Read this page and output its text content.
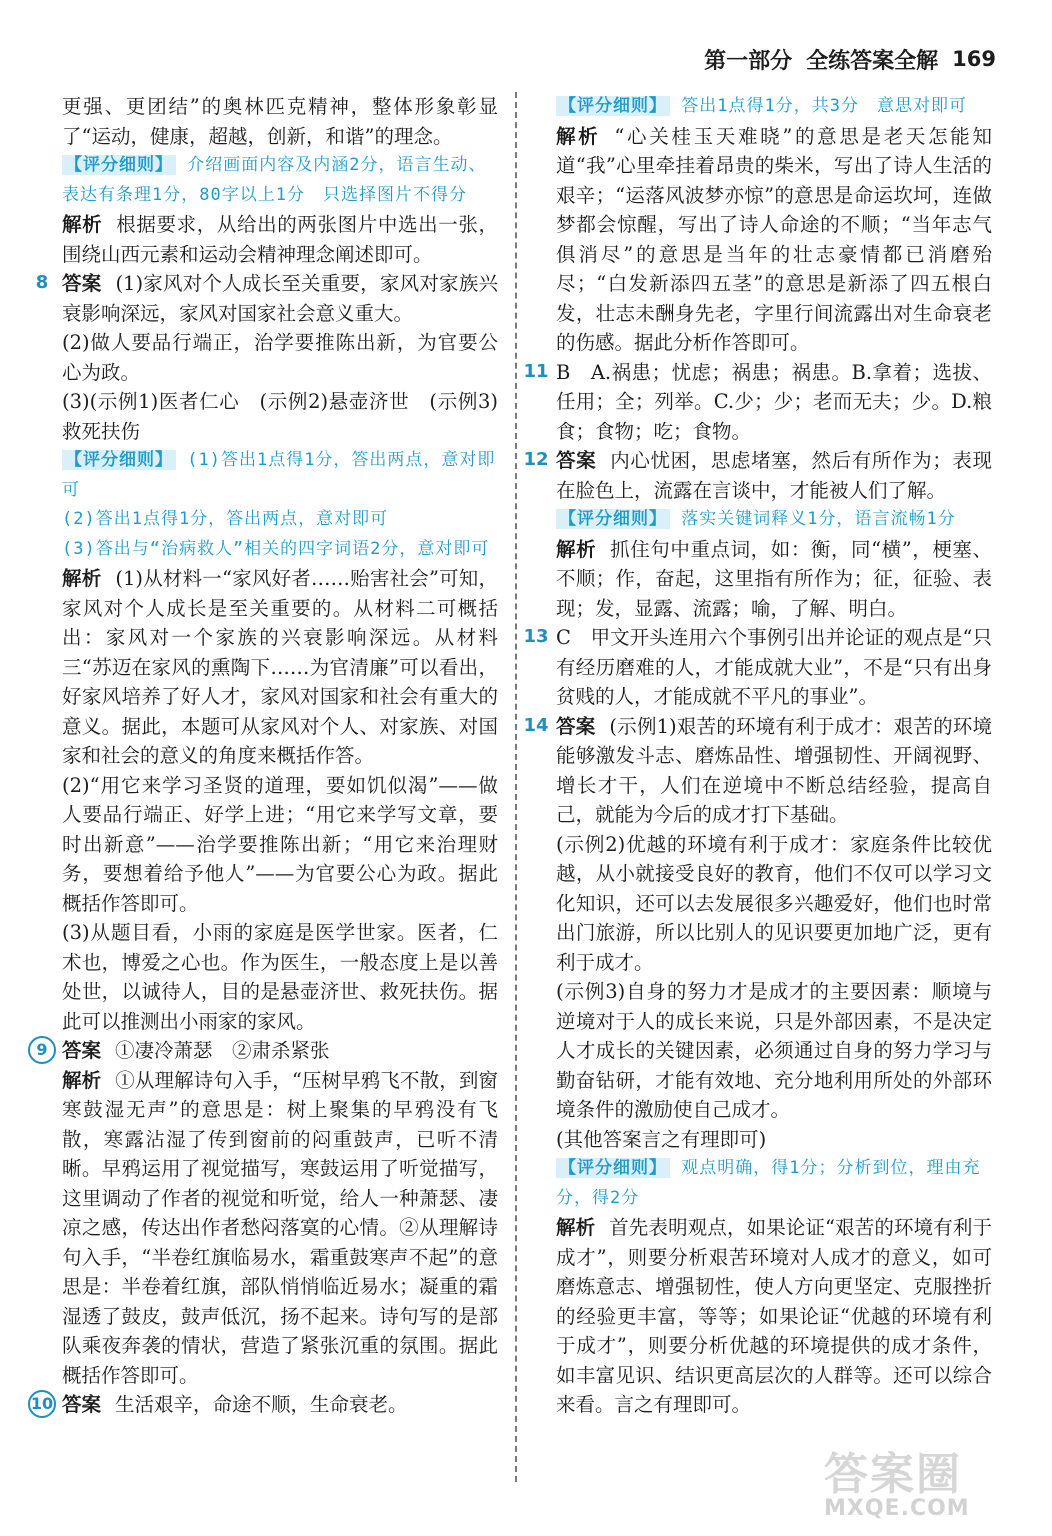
第一部分 全练答案全解 169

更强、更团结”的奥林匹克精神，整体形象彰显了“运动，健康，超越，创新，和谐”的理念。

【评分细则】 介绍画面内容及内涵2分，语言生动、表达有条理1分，80字以上1分　只选择图片不得分

解析 根据要求，从给出的两张图片中选出一张，围绕山西元素和运动会精神理念阐述即可。

8 答案 (1)家风对个人成长至关重要，家风对家族兴衰影响深远，家风对国家社会意义重大。

(2)做人要品行端正，治学要推陈出新，为官要公心为政。

(3)(示例1)医者仁心　(示例2)悬壶济世　(示例3)救死扶伤

【评分细则】 (1)答出1点得1分，答出两点，意对即可

(2)答出1点得1分，答出两点，意对即可

(3)答出与“治病救人”相关的四字词语2分，意对即可

解析 (1)从材料一“家风好者……贻害社会”可知，家风对个人成长是至关重要的。从材料二可概括出：家风对一个家族的兴衰影响深远。从材料三“苏迈在家风的熏陶下……为官清廉”可以看出，好家风培养了好人才，家风对国家和社会有重大的意义。据此，本题可从家风对个人、对家族、对国家和社会的意义的角度来概括作答。

(2)“用它来学习圣贤的道理，要如饥似渴”——做人要品行端正、好学上进；“用它来学写文章，要时出新意”——治学要推陈出新；“用它来治理财务，要想着给予他人”——为官要公心为政。据此概括作答即可。

(3)从题目看，小雨的家庭是医学世家。医者，仁术也，博爱之心也。作为医生，一般态度上是以善处世，以诚待人，目的是悬壶济世、救死扶伤。据此可以推测出小雨家的家风。

9 答案 ①凄冷萧瑟　②肃杀紧张

解析 ①从理解诗句入手，“压树早鸦飞不散，到窗寒鼓湿无声”的意思是：树上聚集的早鸦没有飞散，寒露沾湿了传到窗前的闷重鼓声，已听不清晰。早鸦运用了视觉描写，寒鼓运用了听觉描写，这里调动了作者的视觉和听觉，给人一种萧瑟、凄凉之感，传达出作者愁闷落寞的心情。②从理解诗句入手，“半卷红旗临易水，霜重鼓寒声不起”的意思是：半卷着红旗，部队悄悄临近易水；凝重的霜湿透了鼓皮，鼓声低沉，扬不起来。诗句写的是部队乘夜奔袭的情状，营造了紧张沉重的氛围。据此概括作答即可。

10 答案 生活艰辛，命途不顺，生命衰老。

【评分细则】 答出1点得1分，共3分　意思对即可

解析 “心关桂玉天难晓”的意思是老天怎能知道“我”心里牵挂着昂贵的柴米，写出了诗人生活的艰辛；“运落风波梦亦惊”的意思是命运坎坷，连做梦都会惊醒，写出了诗人命途的不顺；“当年志气俱消尽”的意思是当年的壮志豪情都已消磨殆尽；“白发新添四五茎”的意思是新添了四五根白发，壮志未酬身先老，字里行间流露出对生命衰老的伤感。据此分析作答即可。

11 B　A.祸患；忧虑；祸患；祸患。B.拿着；选拔、任用；全；列举。C.少；少；老而无夫；少。D.粮食；食物；吃；食物。

12 答案 内心忧困，思虑堵塞，然后有所作为；表现在脸色上，流露在言谈中，才能被人们了解。

【评分细则】 落实关键词释义1分，语言流畅1分

解析 抓住句中重点词，如：衡，同“横”，梗塞、不顺；作，奋起，这里指有所作为；征，征验、表现；发，显露、流露；喻，了解、明白。

13 C　甲文开头连用六个事例引出并论证的观点是“只有经历磨难的人，才能成就大业”，不是“只有出身贫贱的人，才能成就不平凡的事业”。

14 答案 (示例1)艰苦的环境有利于成才：艰苦的环境能够激发斗志、磨炼品性、增强韧性、开阔视野、增长才干，人们在逆境中不断总结经验，提高自己，就能为今后的成才打下基础。

(示例2)优越的环境有利于成才：家庭条件比较优越，从小就接受良好的教育，他们不仅可以学习文化知识，还可以去发展很多兴趣爱好，他们也时常出门旅游，所以比别人的见识要更加地广泛，更有利于成才。

(示例3)自身的努力才是成才的主要因素：顺境与逆境对于人的成长来说，只是外部因素，不是决定人才成长的关键因素，必须通过自身的努力学习与勤奋钻研，才能有效地、充分地利用所处的外部环境条件的激励使自己成才。

(其他答案言之有理即可)

【评分细则】 观点明确，得1分；分析到位，理由充分，得2分

解析 首先表明观点，如果论证“艰苦的环境有利于成才”，则要分析艰苦环境对人成才的意义，如可磨炼意志、增强韧性，使人方向更坚定、克服挫折的经验更丰富，等等；如果论证“优越的环境有利于成才”，则要分析优越的环境提供的成才条件，如丰富见识、结识更高层次的人群等。还可以综合来看。言之有理即可。

答案圈
MXQE.COM
